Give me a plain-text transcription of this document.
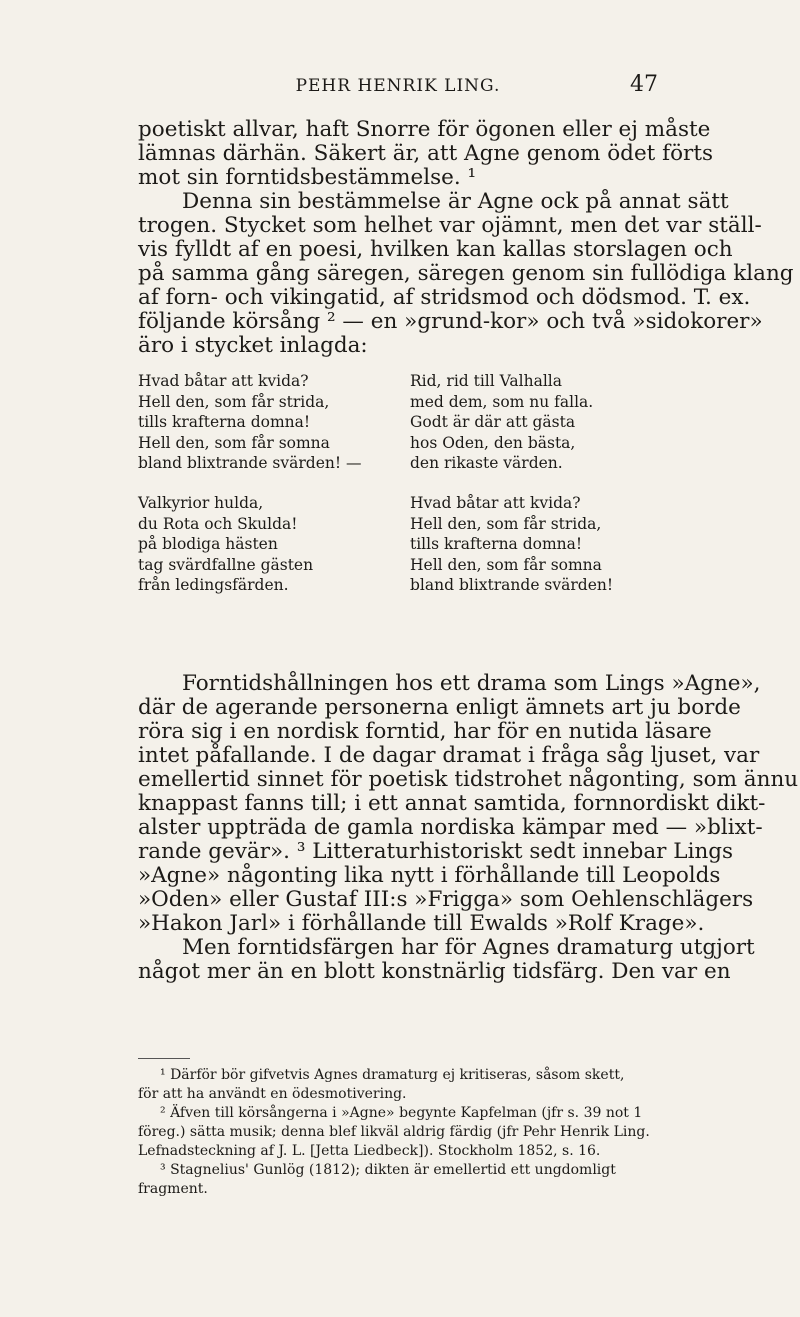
PEHR HENRIK LING.	47
poetiskt allvar, haft Snorre för ögonen eller ej måste
lämnas därhän. Säkert är, att Agne genom ödet förts
mot sin forntidsbestämmelse. ¹
Denna sin bestämmelse är Agne ock på annat sätt
trogen. Stycket som helhet var ojämnt, men det var ställ-
vis fylldt af en poesi, hvilken kan kallas storslagen och
på samma gång säregen, säregen genom sin fullödiga klang
af forn- och vikingatid, af stridsmod och dödsmod. T. ex.
följande körsång ² — en »grund-kor» och två »sidokorer»
äro i stycket inlagda:
Hvad båtar att kvida?
Hell den, som får strida,
tills krafterna domna!
Hell den, som får somna
bland blixtrande svärden! —
Valkyrior hulda,
du Rota och Skulda!
på blodiga hästen
tag svärdfallne gästen
från ledingsfärden.
Rid, rid till Valhalla
med dem, som nu falla.
Godt är där att gästa
hos Oden, den bästa,
den rikaste värden.
Hvad båtar att kvida?
Hell den, som får strida,
tills krafterna domna!
Hell den, som får somna
bland blixtrande svärden!
Forntidshållningen hos ett drama som Lings »Agne»,
där de agerande personerna enligt ämnets art ju borde
röra sig i en nordisk forntid, har för en nutida läsare
intet påfallande. I de dagar dramat i fråga såg ljuset, var
emellertid sinnet för poetisk tidstrohet någonting, som ännu
knappast fanns till; i ett annat samtida, fornnordiskt dikt-
alster uppträda de gamla nordiska kämpar med — »blixt-
rande gevär». ³ Litteraturhistoriskt sedt innebar Lings
»Agne» någonting lika nytt i förhållande till Leopolds
»Oden» eller Gustaf III:s »Frigga» som Oehlenschlägers
»Hakon Jarl» i förhållande till Ewalds »Rolf Krage».
Men forntidsfärgen har för Agnes dramaturg utgjort
något mer än en blott konstnärlig tidsfärg. Den var en
¹ Därför bör gifvetvis Agnes dramaturg ej kritiseras, såsom skett,
för att ha användt en ödesmotivering.
² Äfven till körsångerna i »Agne» begynte Kapfelman (jfr s. 39 not 1
föreg.) sätta musik; denna blef likväl aldrig färdig (jfr Pehr Henrik Ling.
Lefnadsteckning af J. L. [Jetta Liedbeck]). Stockholm 1852, s. 16.
³ Stagnelius' Gunlög (1812); dikten är emellertid ett ungdomligt
fragment.
